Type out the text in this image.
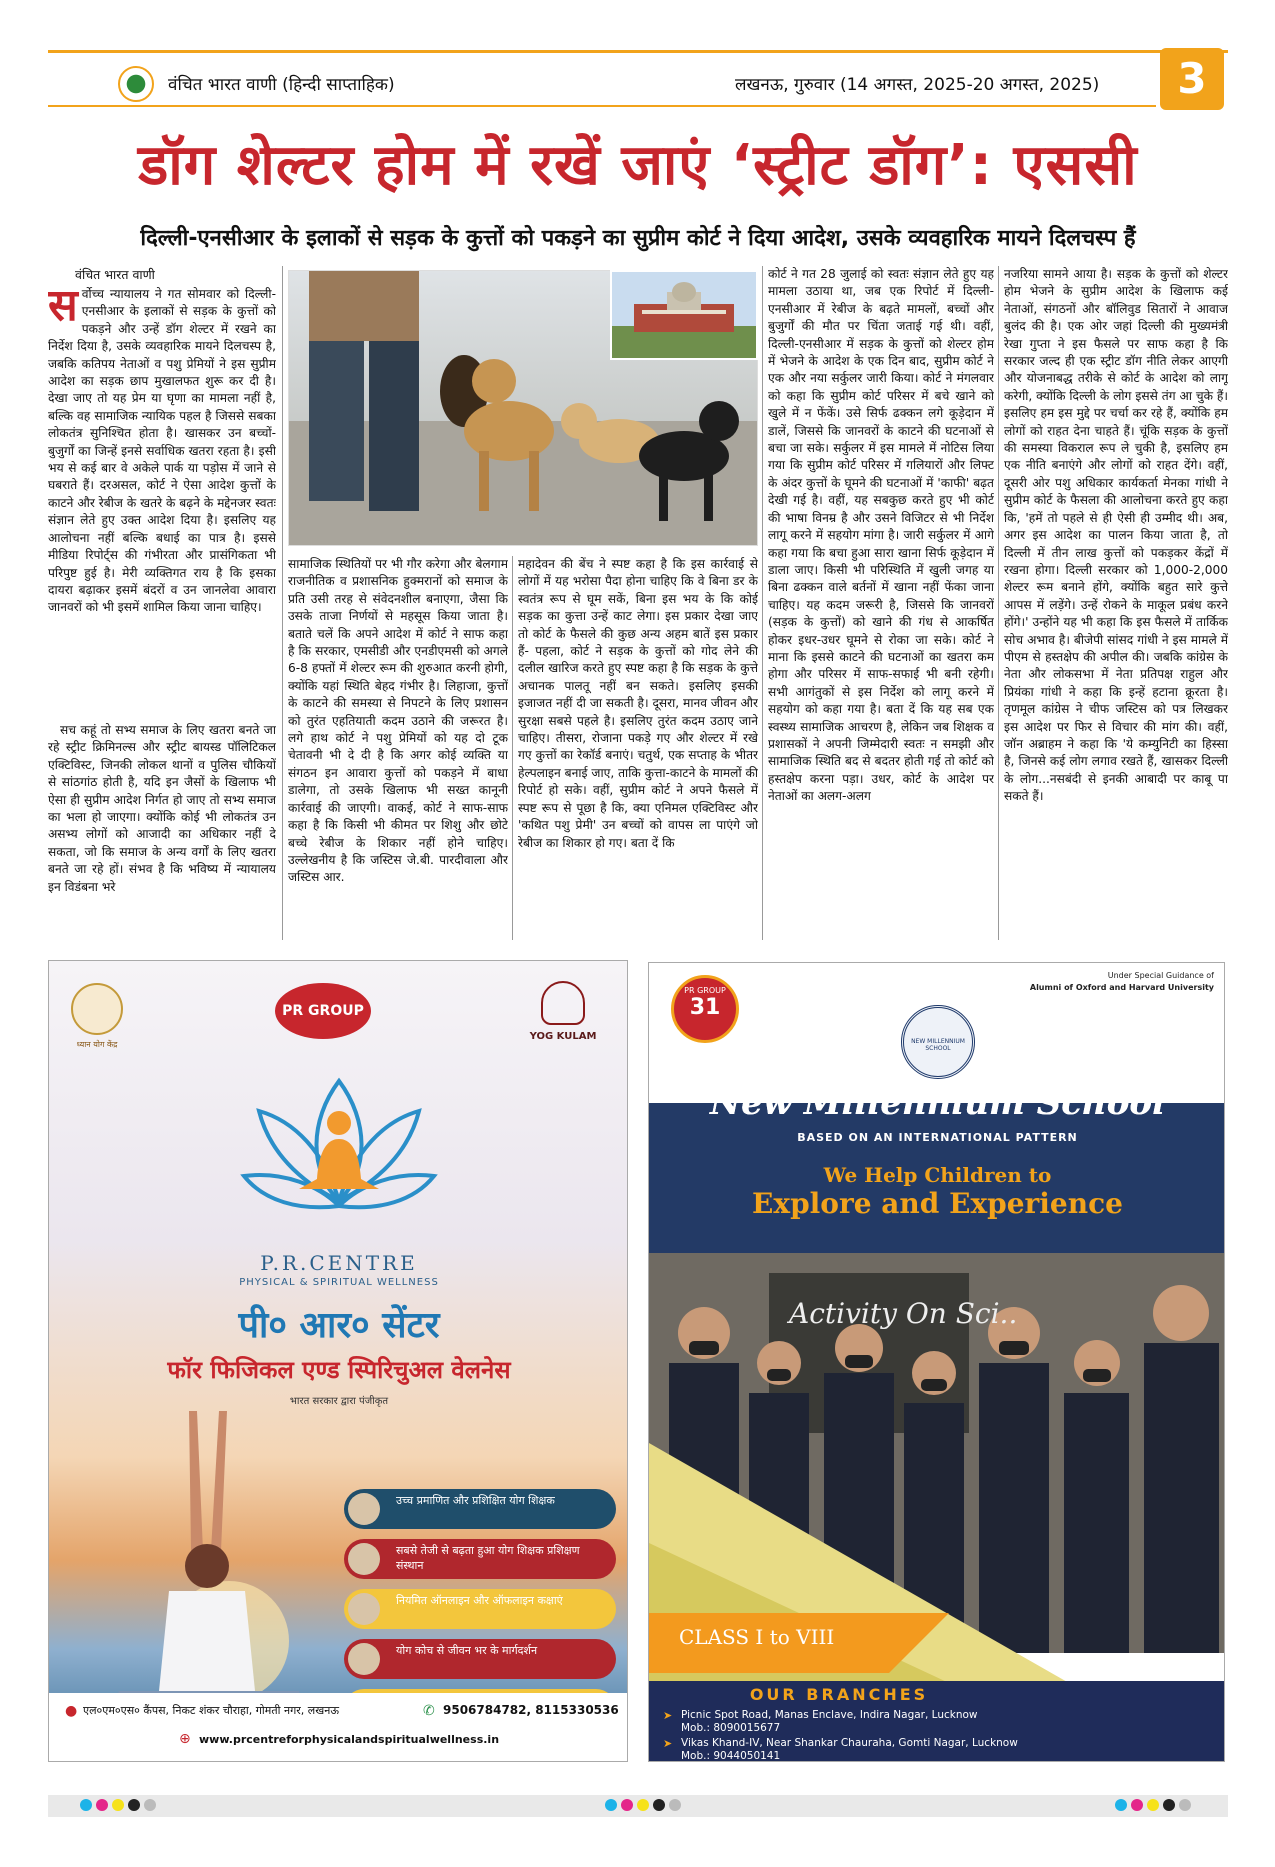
वंचित भारत वाणी (हिन्दी साप्ताहिक)	लखनऊ, गुरुवार (14 अगस्त, 2025-20 अगस्त, 2025)	3
डॉग शेल्टर होम में रखें जाएं ‘स्ट्रीट डॉग’: एससी
दिल्ली-एनसीआर के इलाकों से सड़क के कुत्तों को पकड़ने का सुप्रीम कोर्ट ने दिया आदेश, उसके व्यवहारिक मायने दिलचस्प हैं
वंचित भारत वाणी
सर्वोच्च न्यायालय ने गत सोमवार को दिल्ली-एनसीआर के इलाकों से सड़क के कुत्तों को पकड़ने और उन्हें डॉग शेल्टर में रखने का निर्देश दिया है, उसके व्यवहारिक मायने दिलचस्प है, जबकि कतिपय नेताओं व पशु प्रेमियों ने इस सुप्रीम आदेश का सड़क छाप मुखालफत शुरू कर दी है। देखा जाए तो यह प्रेम या घृणा का मामला नहीं है, बल्कि वह सामाजिक न्यायिक पहल है जिससे सबका लोकतंत्र सुनिश्चित होता है। खासकर उन बच्चों-बुजुर्गों का जिन्हें इनसे सर्वाधिक खतरा रहता है। इसी भय से कई बार वे अकेले पार्क या पड़ोस में जाने से घबराते हैं। दरअसल, कोर्ट ने ऐसा आदेश कुत्तों के काटने और रेबीज के खतरे के बढ़ने के मद्देनजर स्वतः संज्ञान लेते हुए उक्त आदेश दिया है। इसलिए यह आलोचना नहीं बल्कि बधाई का पात्र है। इससे मीडिया रिपोर्ट्स की गंभीरता और प्रासंगिकता भी परिपुष्ट हुई है। मेरी व्यक्तिगत राय है कि इसका दायरा बढ़ाकर इसमें बंदरों व उन जानलेवा आवारा जानवरों को भी इसमें शामिल किया जाना चाहिए।

सच कहूं तो सभ्य समाज के लिए खतरा बनते जा रहे स्ट्रीट क्रिमिनल्स और स्ट्रीट बायस्ड पॉलिटिकल एक्टिविस्ट, जिनकी लोकल थानों व पुलिस चौकियों से सांठगांठ होती है, यदि इन जैसों के खिलाफ भी ऐसा ही सुप्रीम आदेश निर्गत हो जाए तो सभ्य समाज का भला हो जाएगा। क्योंकि कोई भी लोकतंत्र उन असभ्य लोगों को आजादी का अधिकार नहीं दे सकता, जो कि समाज के अन्य वर्गों के लिए खतरा बनते जा रहे हों। संभव है कि भविष्य में न्यायालय इन विडंबना भरे

सामाजिक स्थितियों पर भी गौर करेगा और बेलगाम राजनीतिक व प्रशासनिक हुक्मरानों को समाज के प्रति उसी तरह से संवेदनशील बनाएगा, जैसा कि उसके ताजा निर्णयों से महसूस किया जाता है। बताते चलें कि अपने आदेश में कोर्ट ने साफ कहा है कि सरकार, एमसीडी और एनडीएमसी को अगले 6-8 हफ्तों में शेल्टर रूम की शुरुआत करनी होगी, क्योंकि यहां स्थिति बेहद गंभीर है। लिहाजा, कुत्तों के काटने की समस्या से निपटने के लिए प्रशासन को तुरंत एहतियाती कदम उठाने की जरूरत है। लगे हाथ कोर्ट ने पशु प्रेमियों को यह दो टूक चेतावनी भी दे दी है कि अगर कोई व्यक्ति या संगठन इन आवारा कुत्तों को पकड़ने में बाधा डालेगा, तो उसके खिलाफ भी सख्त कानूनी कार्रवाई की जाएगी। वाकई, कोर्ट ने साफ-साफ कहा है कि किसी भी कीमत पर शिशु और छोटे बच्चे रेबीज के शिकार नहीं होने चाहिए। उल्लेखनीय है कि जस्टिस जे.बी. पारदीवाला और जस्टिस आर.
महादेवन की बेंच ने स्पष्ट कहा है कि इस कार्रवाई से लोगों में यह भरोसा पैदा होना चाहिए कि वे बिना डर के स्वतंत्र रूप से घूम सकें, बिना इस भय के कि कोई सड़क का कुत्ता उन्हें काट लेगा। इस प्रकार देखा जाए तो कोर्ट के फैसले की कुछ अन्य अहम बातें इस प्रकार हैं- पहला, कोर्ट ने सड़क के कुत्तों को गोद लेने की दलील खारिज करते हुए स्पष्ट कहा है कि सड़क के कुत्ते अचानक पालतू नहीं बन सकते। इसलिए इसकी इजाजत नहीं दी जा सकती है। दूसरा, मानव जीवन और सुरक्षा सबसे पहले है। इसलिए तुरंत कदम उठाए जाने चाहिए। तीसरा, रोजाना पकड़े गए और शेल्टर में रखे गए कुत्तों का रेकॉर्ड बनाएं। चतुर्थ, एक सप्ताह के भीतर हेल्पलाइन बनाई जाए, ताकि कुत्ता-काटने के मामलों की रिपोर्ट हो सके। वहीं, सुप्रीम कोर्ट ने अपने फैसले में स्पष्ट रूप से पूछा है कि, क्या एनिमल एक्टिविस्ट और 'कथित पशु प्रेमी' उन बच्चों को वापस ला पाएंगे जो रेबीज का शिकार हो गए। बता दें कि
कोर्ट ने गत 28 जुलाई को स्वतः संज्ञान लेते हुए यह मामला उठाया था, जब एक रिपोर्ट में दिल्ली-एनसीआर में रेबीज के बढ़ते मामलों, बच्चों और बुजुर्गों की मौत पर चिंता जताई गई थी। वहीं, दिल्ली-एनसीआर में सड़क के कुत्तों को शेल्टर होम में भेजने के आदेश के एक दिन बाद, सुप्रीम कोर्ट ने एक और नया सर्कुलर जारी किया। कोर्ट ने मंगलवार को कहा कि सुप्रीम कोर्ट परिसर में बचे खाने को खुले में न फेंकें। उसे सिर्फ ढक्कन लगे कूड़ेदान में डालें, जिससे कि जानवरों के काटने की घटनाओं से बचा जा सके। सर्कुलर में इस मामले में नोटिस लिया गया कि सुप्रीम कोर्ट परिसर में गलियारों और लिफ्ट के अंदर कुत्तों के घूमने की घटनाओं में 'काफी' बढ़त देखी गई है। वहीं, यह सबकुछ करते हुए भी कोर्ट की भाषा विनम्र है और उसने विजिटर से भी निर्देश लागू करने में सहयोग मांगा है। जारी सर्कुलर में आगे कहा गया कि बचा हुआ सारा खाना सिर्फ कूड़ेदान में डाला जाए। किसी भी परिस्थिति में खुली जगह या बिना ढक्कन वाले बर्तनों में खाना नहीं फेंका जाना चाहिए। यह कदम जरूरी है, जिससे कि जानवरों (सड़क के कुत्तों) को खाने की गंध से आकर्षित होकर इधर-उधर घूमने से रोका जा सके। कोर्ट ने माना कि इससे काटने की घटनाओं का खतरा कम होगा और परिसर में साफ-सफाई भी बनी रहेगी। सभी आगंतुकों से इस निर्देश को लागू करने में सहयोग को कहा गया है। बता दें कि यह सब एक स्वस्थ्य सामाजिक आचरण है, लेकिन जब शिक्षक व प्रशासकों ने अपनी जिम्मेदारी स्वतः न समझी और सामाजिक स्थिति बद से बदतर होती गई तो कोर्ट को हस्तक्षेप करना पड़ा। उधर, कोर्ट के आदेश पर नेताओं का अलग-अलग
नजरिया सामने आया है। सड़क के कुत्तों को शेल्टर होम भेजने के सुप्रीम आदेश के खिलाफ कई नेताओं, संगठनों और बॉलिवुड सितारों ने आवाज बुलंद की है। एक ओर जहां दिल्ली की मुख्यमंत्री रेखा गुप्ता ने इस फैसले पर साफ कहा है कि सरकार जल्द ही एक स्ट्रीट डॉग नीति लेकर आएगी और योजनाबद्ध तरीके से कोर्ट के आदेश को लागू करेगी, क्योंकि दिल्ली के लोग इससे तंग आ चुके हैं। इसलिए हम इस मुद्दे पर चर्चा कर रहे हैं, क्योंकि हम लोगों को राहत देना चाहते हैं। चूंकि सड़क के कुत्तों की समस्या विकराल रूप ले चुकी है, इसलिए हम एक नीति बनाएंगे और लोगों को राहत देंगे। वहीं, दूसरी ओर पशु अधिकार कार्यकर्ता मेनका गांधी ने सुप्रीम कोर्ट के फैसला की आलोचना करते हुए कहा कि, 'हमें तो पहले से ही ऐसी ही उम्मीद थी। अब, अगर इस आदेश का पालन किया जाता है, तो दिल्ली में तीन लाख कुत्तों को पकड़कर केंद्रों में रखना होगा। दिल्ली सरकार को 1,000-2,000 शेल्टर रूम बनाने होंगे, क्योंकि बहुत सारे कुत्ते आपस में लड़ेंगे। उन्हें रोकने के माकूल प्रबंध करने होंगे।' उन्होंने यह भी कहा कि इस फैसले में तार्किक सोच अभाव है। बीजेपी सांसद गांधी ने इस मामले में पीएम से हस्तक्षेप की अपील की। जबकि कांग्रेस के नेता और लोकसभा में नेता प्रतिपक्ष राहुल और प्रियंका गांधी ने कहा कि इन्हें हटाना क्रूरता है। तृणमूल कांग्रेस ने चीफ जस्टिस को पत्र लिखकर इस आदेश पर फिर से विचार की मांग की। वहीं, जॉन अब्राहम ने कहा कि 'ये कम्युनिटी का हिस्सा है, जिनसे कई लोग लगाव रखते हैं, खासकर दिल्ली के लोग...नसबंदी से इनकी आबादी पर काबू पा सकते हैं।
ध्यान योग केंद्र
PR GROUP
YOG KULAM
P.R.CENTRE
PHYSICAL & SPIRITUAL WELLNESS
पी० आर० सेंटर
फॉर फिजिकल एण्ड स्पिरिचुअल वेलनेस
भारत सरकार द्वारा पंजीकृत
उच्च प्रमाणित और प्रशिक्षित योग शिक्षक
सबसे तेजी से बढ़ता हुआ योग शिक्षक प्रशिक्षण संस्थान
नियमित ऑनलाइन और ऑफलाइन कक्षाएं
योग कोच से जीवन भर के मार्गदर्शन
● एल०एम०एस० कैंपस, निकट शंकर चौराहा, गोमती नगर, लखनऊ	✆ 9506784782, 8115330536
⊕ www.prcentreforphysicalandspiritualwellness.in
PR GROUP
31
Under Special Guidance of
Alumni of Oxford and Harvard University
NEW MILLENNIUM SCHOOL
New Millennium School
BASED ON AN INTERNATIONAL PATTERN
We Help Children to
Explore and Experience
Activity On Sci..
CLASS I to VIII
OUR BRANCHES
➤ Picnic Spot Road, Manas Enclave, Indira Nagar, Lucknow
Mob.: 8090015677
➤ Vikas Khand-IV, Near Shankar Chauraha, Gomti Nagar, Lucknow
Mob.: 9044050141
